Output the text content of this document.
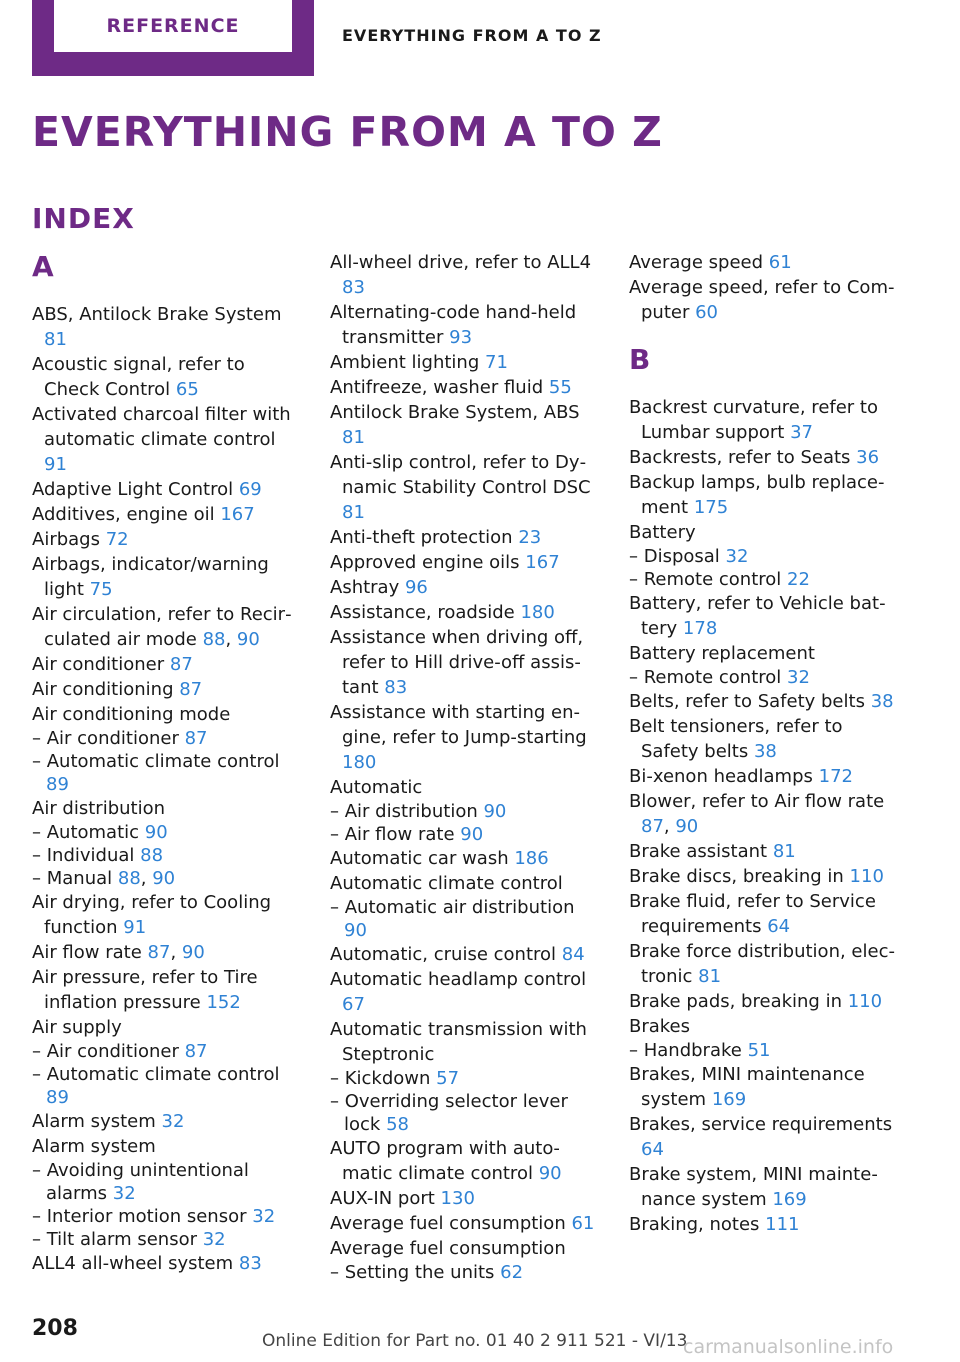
REFERENCE	EVERYTHING FROM A TO Z
EVERYTHING FROM A TO Z
INDEX
A
ABS, Antilock Brake System 81
Acoustic signal, refer to Check Control 65
Activated charcoal filter with automatic climate control 91
Adaptive Light Control 69
Additives, engine oil 167
Airbags 72
Airbags, indicator/warning light 75
Air circulation, refer to Recirculated air mode 88, 90
Air conditioner 87
Air conditioning 87
Air conditioning mode
– Air conditioner 87
– Automatic climate control 89
Air distribution
– Automatic 90
– Individual 88
– Manual 88, 90
Air drying, refer to Cooling function 91
Air flow rate 87, 90
Air pressure, refer to Tire inflation pressure 152
Air supply
– Air conditioner 87
– Automatic climate control 89
Alarm system 32
Alarm system
– Avoiding unintentional alarms 32
– Interior motion sensor 32
– Tilt alarm sensor 32
ALL4 all-wheel system 83
All-wheel drive, refer to ALL4 83
Alternating-code hand-held transmitter 93
Ambient lighting 71
Antifreeze, washer fluid 55
Antilock Brake System, ABS 81
Anti-slip control, refer to Dynamic Stability Control DSC 81
Anti-theft protection 23
Approved engine oils 167
Ashtray 96
Assistance, roadside 180
Assistance when driving off, refer to Hill drive-off assistant 83
Assistance with starting engine, refer to Jump-starting 180
Automatic
– Air distribution 90
– Air flow rate 90
Automatic car wash 186
Automatic climate control
– Automatic air distribution 90
Automatic, cruise control 84
Automatic headlamp control 67
Automatic transmission with Steptronic
– Kickdown 57
– Overriding selector lever lock 58
AUTO program with automatic climate control 90
AUX-IN port 130
Average fuel consumption 61
Average fuel consumption
– Setting the units 62
Average speed 61
Average speed, refer to Computer 60
B
Backrest curvature, refer to Lumbar support 37
Backrests, refer to Seats 36
Backup lamps, bulb replacement 175
Battery
– Disposal 32
– Remote control 22
Battery, refer to Vehicle battery 178
Battery replacement
– Remote control 32
Belts, refer to Safety belts 38
Belt tensioners, refer to Safety belts 38
Bi-xenon headlamps 172
Blower, refer to Air flow rate 87, 90
Brake assistant 81
Brake discs, breaking in 110
Brake fluid, refer to Service requirements 64
Brake force distribution, electronic 81
Brake pads, breaking in 110
Brakes
– Handbrake 51
Brakes, MINI maintenance system 169
Brakes, service requirements 64
Brake system, MINI maintenance system 169
Braking, notes 111
208	Online Edition for Part no. 01 40 2 911 521 - VI/13
carmanualsonline.info
